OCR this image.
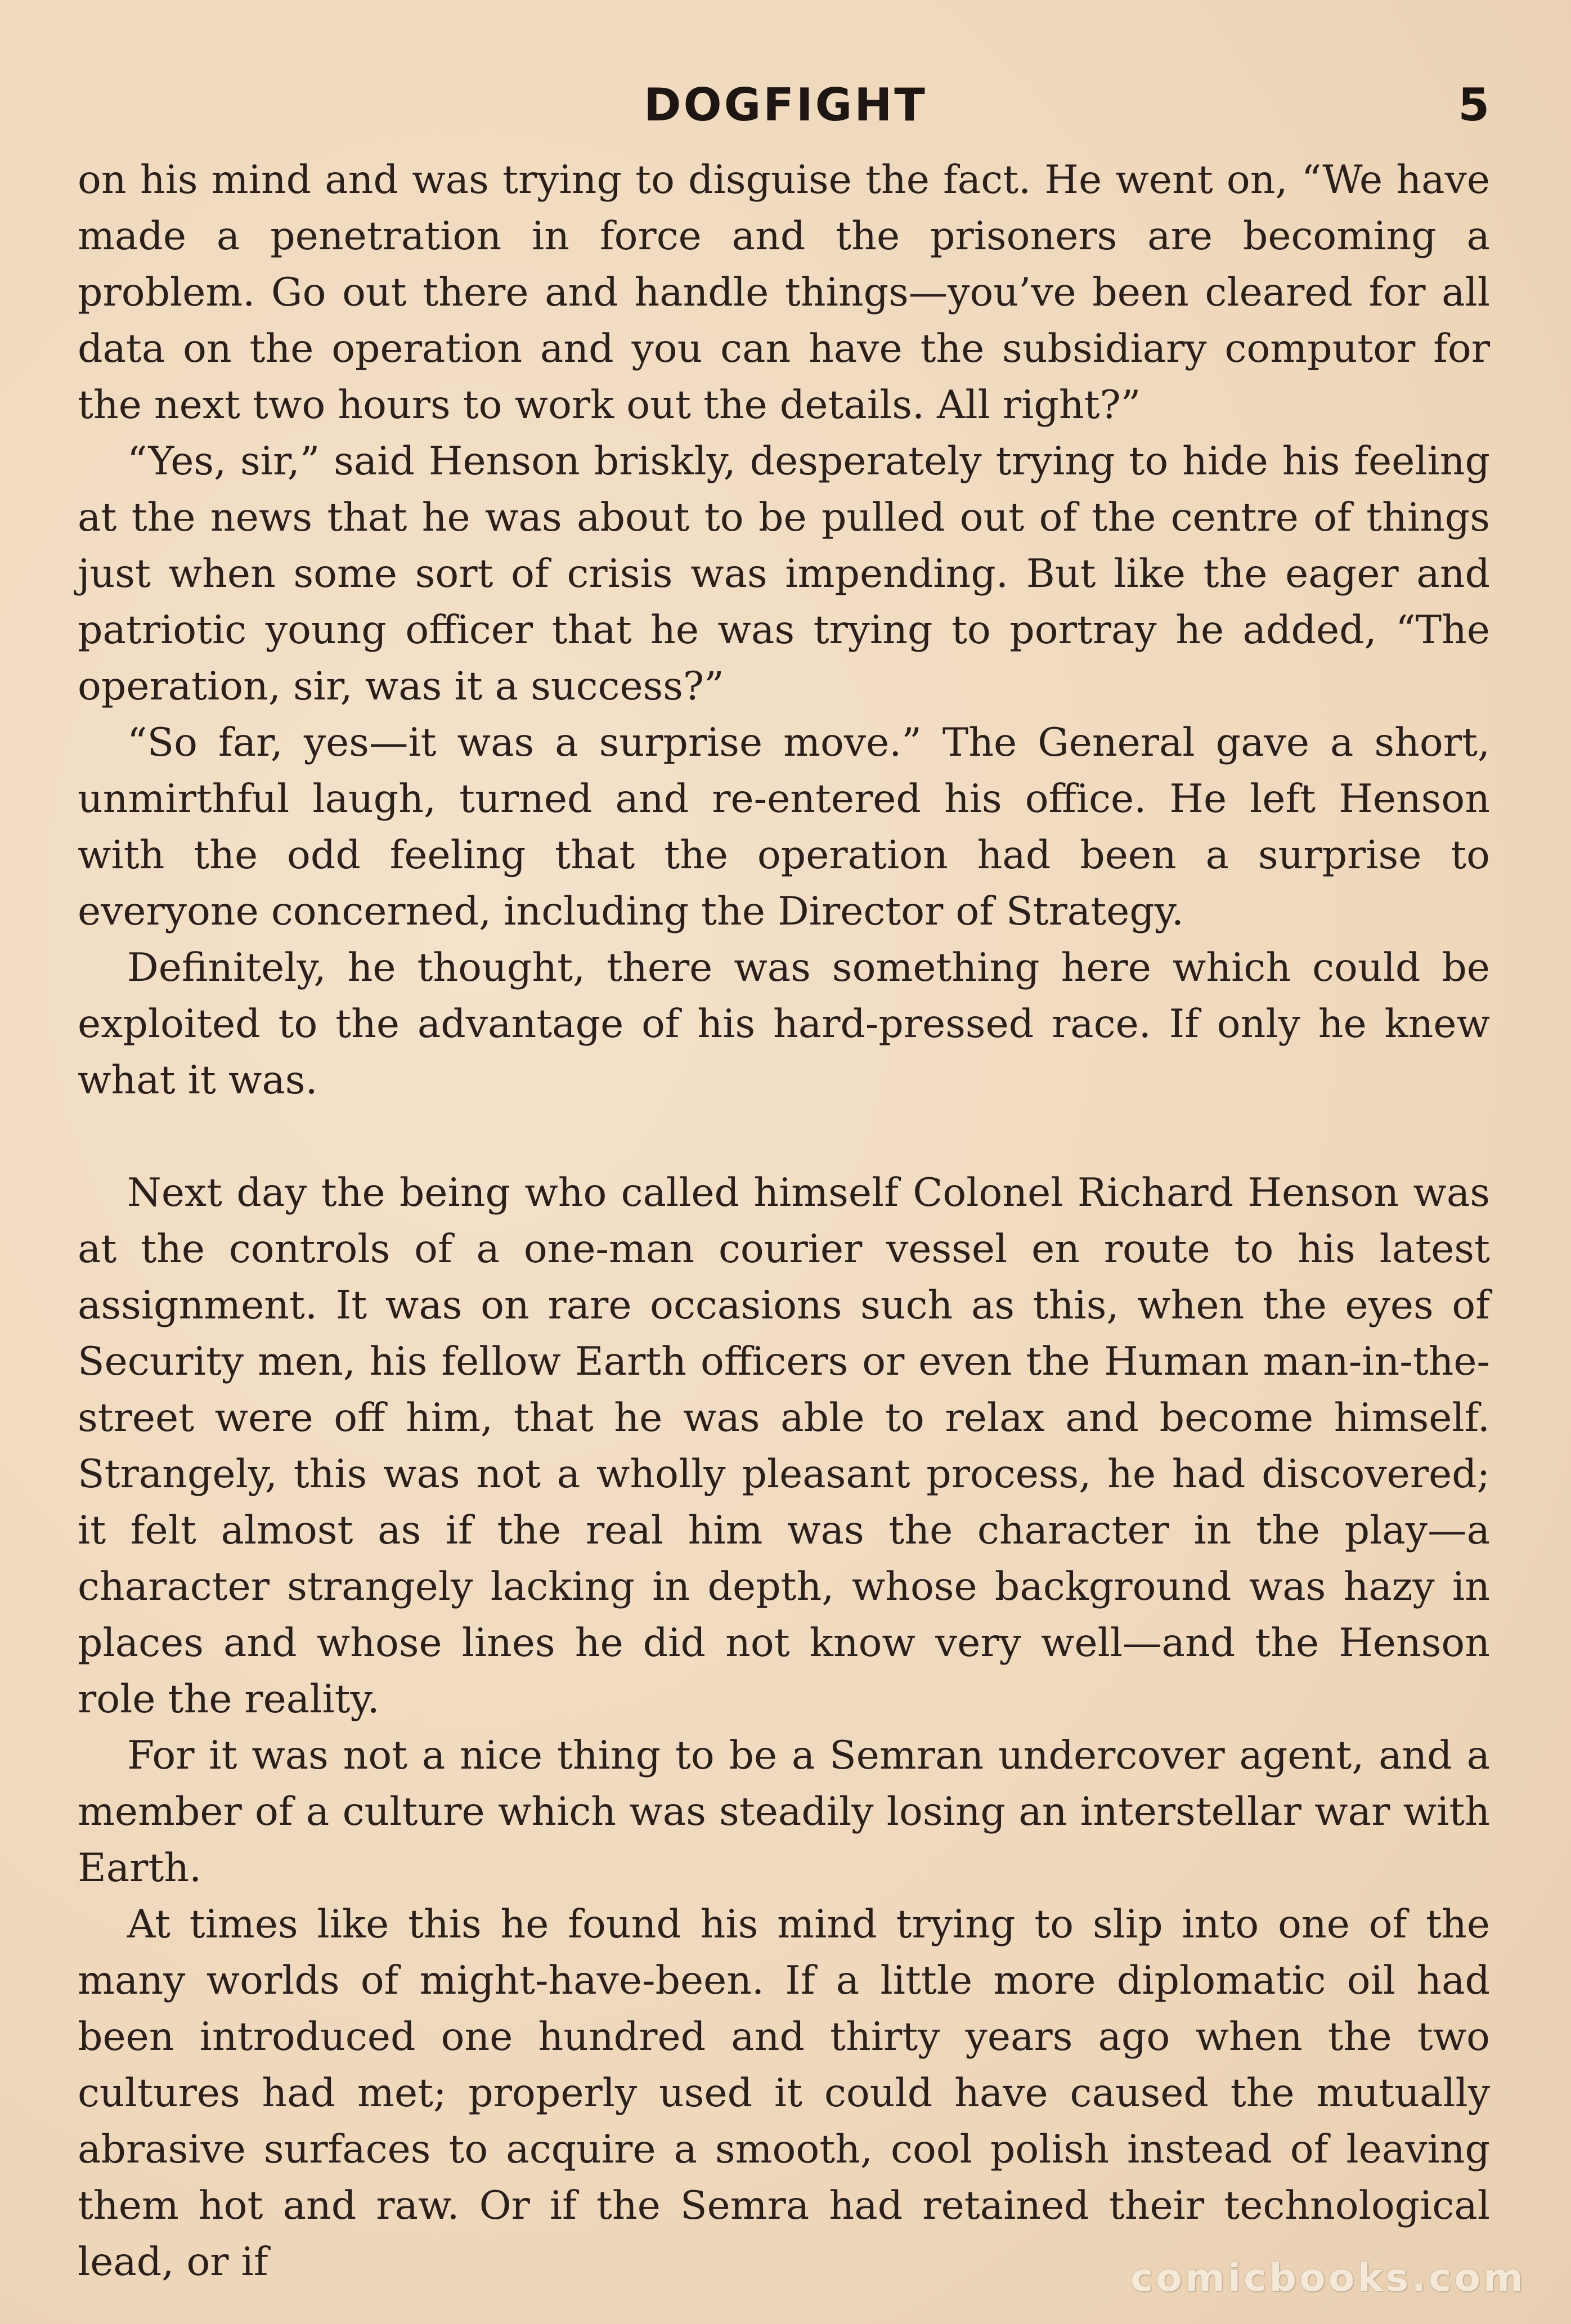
DOGFIGHT	5

on his mind and was trying to disguise the fact. He went on, “We have made a penetration in force and the prisoners are becoming a problem. Go out there and handle things—you’ve been cleared for all data on the operation and you can have the subsidiary computor for the next two hours to work out the details. All right?”

“Yes, sir,” said Henson briskly, desperately trying to hide his feeling at the news that he was about to be pulled out of the centre of things just when some sort of crisis was impending. But like the eager and patriotic young officer that he was trying to portray he added, “The operation, sir, was it a success?”

“So far, yes—it was a surprise move.” The General gave a short, unmirthful laugh, turned and re-entered his office. He left Henson with the odd feeling that the operation had been a surprise to everyone concerned, including the Director of Strategy.

Definitely, he thought, there was something here which could be exploited to the advantage of his hard-pressed race. If only he knew what it was.

Next day the being who called himself Colonel Richard Henson was at the controls of a one-man courier vessel en route to his latest assignment. It was on rare occasions such as this, when the eyes of Security men, his fellow Earth officers or even the Human man-in-the-street were off him, that he was able to relax and become himself. Strangely, this was not a wholly pleasant process, he had discovered; it felt almost as if the real him was the character in the play—a character strangely lacking in depth, whose background was hazy in places and whose lines he did not know very well—and the Henson role the reality.

For it was not a nice thing to be a Semran undercover agent, and a member of a culture which was steadily losing an interstellar war with Earth.

At times like this he found his mind trying to slip into one of the many worlds of might-have-been. If a little more diplomatic oil had been introduced one hundred and thirty years ago when the two cultures had met; properly used it could have caused the mutually abrasive surfaces to acquire a smooth, cool polish instead of leaving them hot and raw. Or if the Semra had retained their technological lead, or if	comicbooks.com
